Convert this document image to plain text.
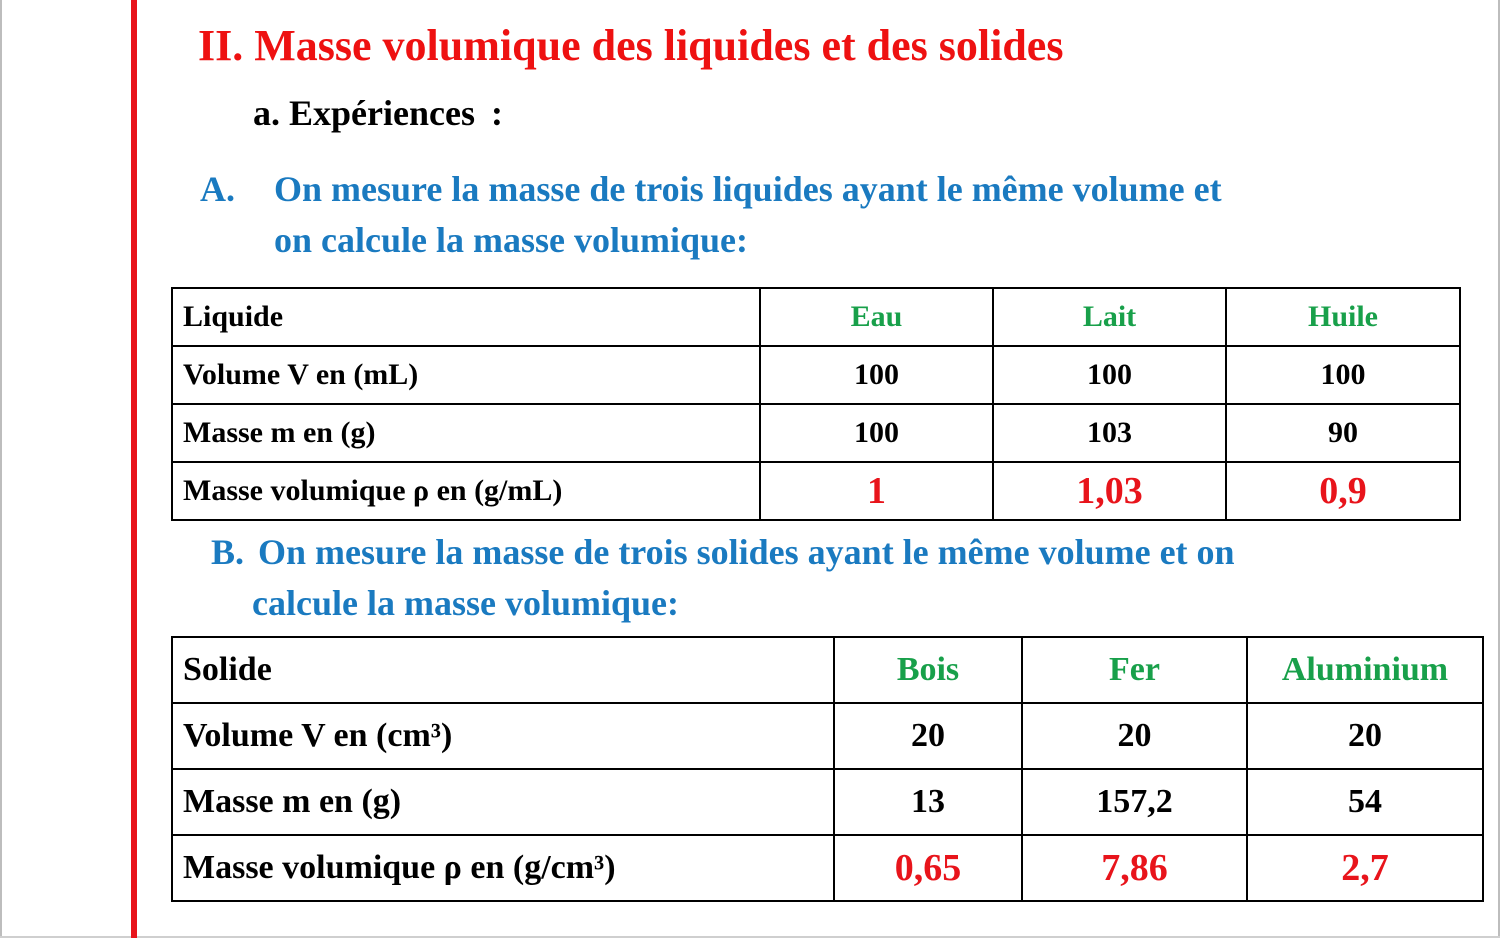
II. Masse volumique des liquides et des solides
a. Expériences :
A. On mesure la masse de trois liquides ayant le même volume et
on calcule la masse volumique:
Liquide	Eau	Lait	Huile
Volume V en (mL)	100	100	100
Masse m en (g)	100	103	90
Masse volumique ρ en (g/mL)	1	1,03	0,9
B. On mesure la masse de trois solides ayant le même volume et on
calcule la masse volumique:
Solide	Bois	Fer	Aluminium
Volume V en (cm³)	20	20	20
Masse m en (g)	13	157,2	54
Masse volumique ρ en (g/cm³)	0,65	7,86	2,7
